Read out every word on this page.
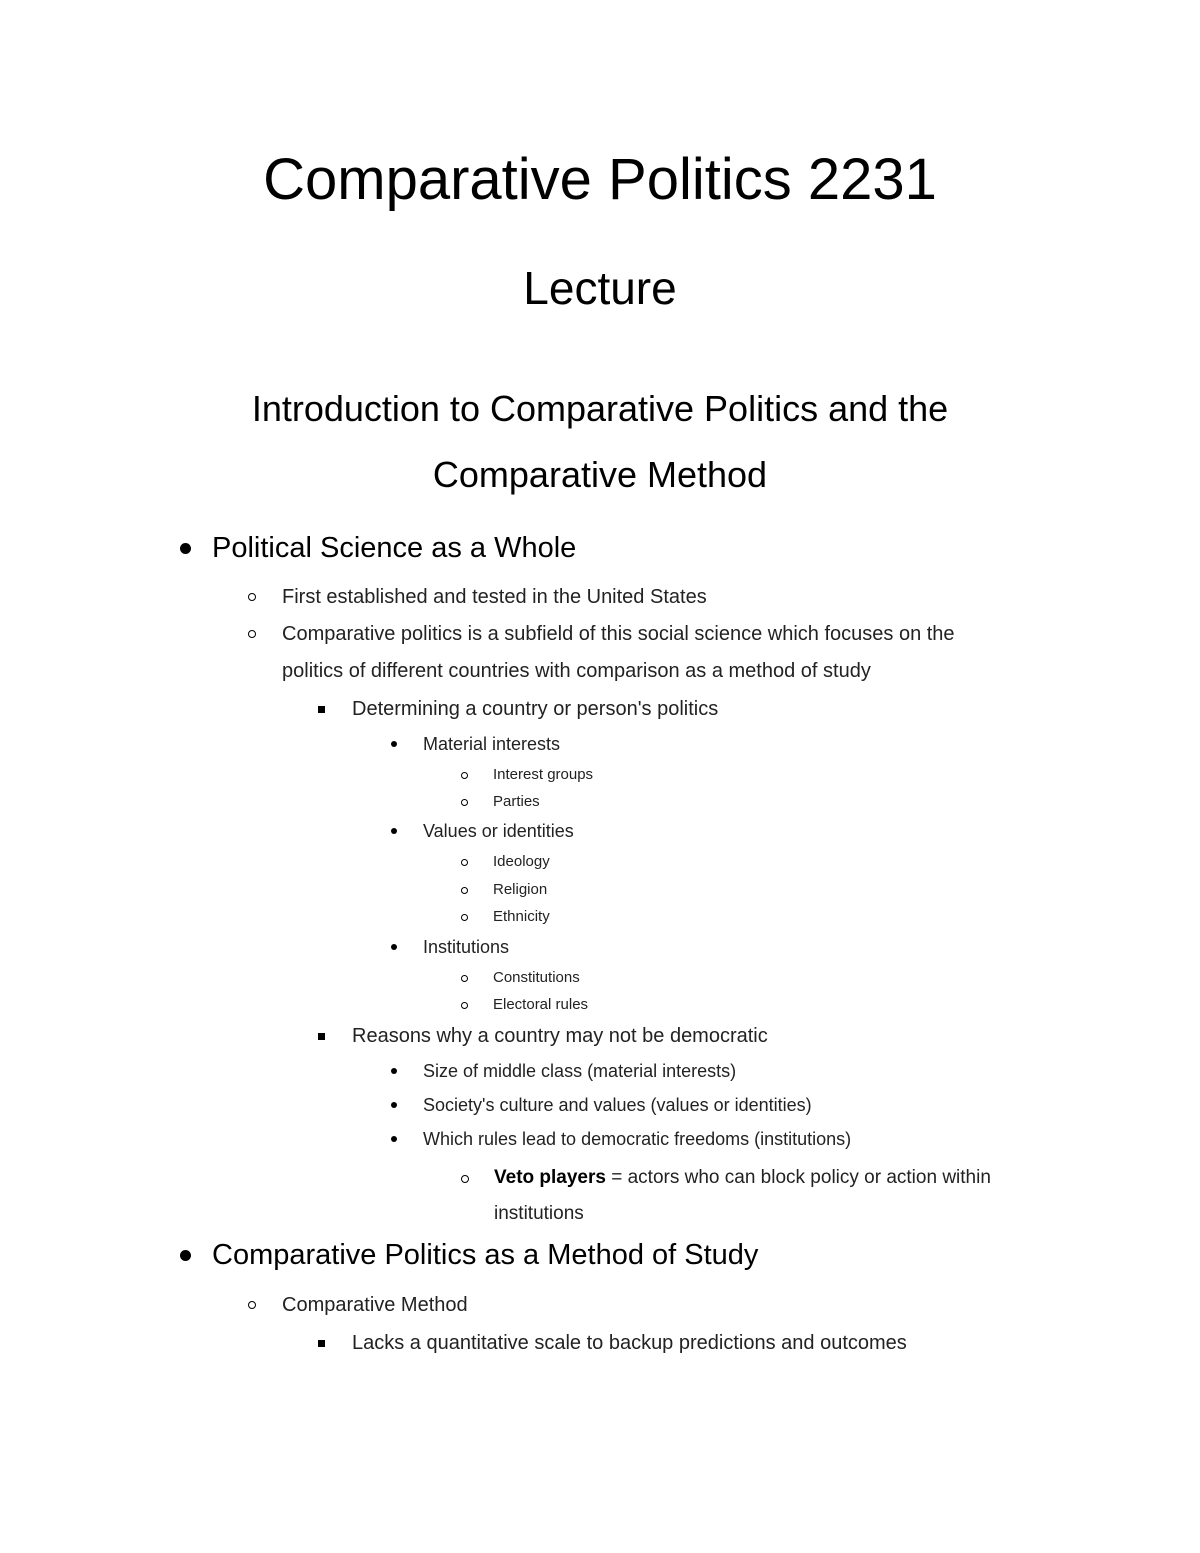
Comparative Politics 2231
Lecture
Introduction to Comparative Politics and the
Comparative Method
Political Science as a Whole
First established and tested in the United States
Comparative politics is a subfield of this social science which focuses on the
politics of different countries with comparison as a method of study
Determining a country or person's politics
Material interests
Interest groups
Parties
Values or identities
Ideology
Religion
Ethnicity
Institutions
Constitutions
Electoral rules
Reasons why a country may not be democratic
Size of middle class (material interests)
Society's culture and values (values or identities)
Which rules lead to democratic freedoms (institutions)
Veto players = actors who can block policy or action within
institutions
Comparative Politics as a Method of Study
Comparative Method
Lacks a quantitative scale to backup predictions and outcomes
